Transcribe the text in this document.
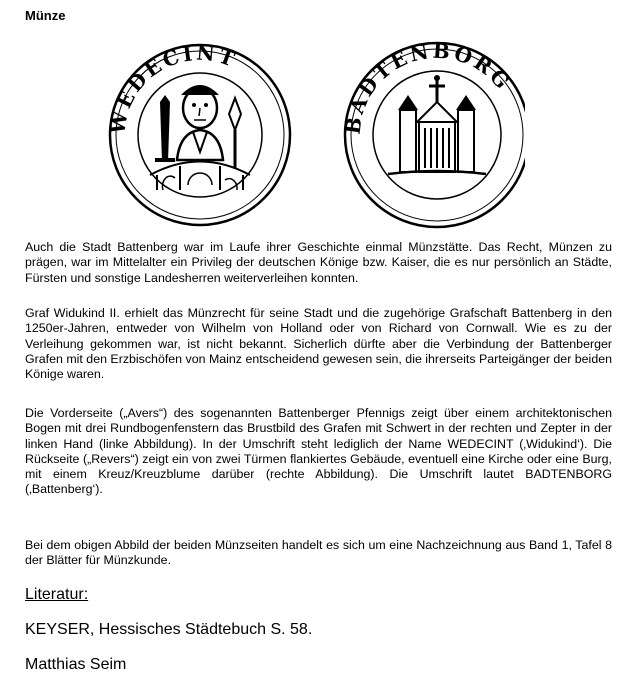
Münze
WEDECINT
BADTENBORG

Auch die Stadt Battenberg war im Laufe ihrer Geschichte einmal Münzstätte. Das Recht, Münzen zu prägen, war im Mittelalter ein Privileg der deutschen Könige bzw. Kaiser, die es nur persönlich an Städte, Fürsten und sonstige Landesherren weiterverleihen konnten.

Graf Widukind II. erhielt das Münzrecht für seine Stadt und die zugehörige Grafschaft Battenberg in den 1250er-Jahren, entweder von Wilhelm von Holland oder von Richard von Cornwall. Wie es zu der Verleihung gekommen war, ist nicht bekannt. Sicherlich dürfte aber die Verbindung der Battenberger Grafen mit den Erzbischöfen von Mainz entscheidend gewesen sein, die ihrerseits Parteigänger der beiden Könige waren.

Die Vorderseite („Avers“) des sogenannten Battenberger Pfennigs zeigt über einem architektonischen Bogen mit drei Rundbogenfenstern das Brustbild des Grafen mit Schwert in der rechten und Zepter in der linken Hand (linke Abbildung). In der Umschrift steht lediglich der Name WEDECINT (‚Widukind‘). Die Rückseite („Revers“) zeigt ein von zwei Türmen flankiertes Gebäude, eventuell eine Kirche oder eine Burg, mit einem Kreuz/Kreuzblume darüber (rechte Abbildung). Die Umschrift lautet BADTENBORG (‚Battenberg‘).

Bei dem obigen Abbild der beiden Münzseiten handelt es sich um eine Nachzeichnung aus Band 1, Tafel 8 der Blätter für Münzkunde.

Literatur:
KEYSER, Hessisches Städtebuch S. 58.
Matthias Seim
